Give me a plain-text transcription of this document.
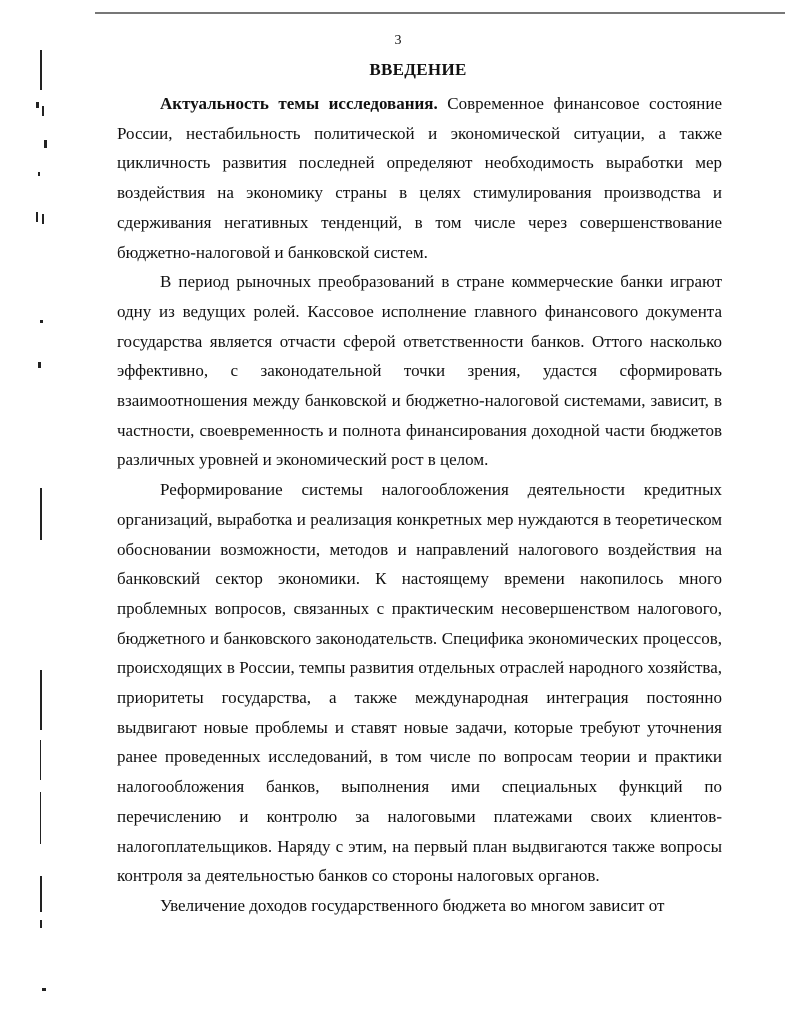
3
ВВЕДЕНИЕ

Актуальность темы исследования. Современное финансовое состояние России, нестабильность политической и экономической ситуации, а также цикличность развития последней определяют необходимость выработки мер воздействия на экономику страны в целях стимулирования производства и сдерживания негативных тенденций, в том числе через совершенствование бюджетно-налоговой и банковской систем.

В период рыночных преобразований в стране коммерческие банки играют одну из ведущих ролей. Кассовое исполнение главного финансового документа государства является отчасти сферой ответственности банков. Оттого насколько эффективно, с законодательной точки зрения, удастся сформировать взаимоотношения между банковской и бюджетно-налоговой системами, зависит, в частности, своевременность и полнота финансирования доходной части бюджетов различных уровней и экономический рост в целом.

Реформирование системы налогообложения деятельности кредитных организаций, выработка и реализация конкретных мер нуждаются в теоретическом обосновании возможности, методов и направлений налогового воздействия на банковский сектор экономики. К настоящему времени накопилось много проблемных вопросов, связанных с практическим несовершенством налогового, бюджетного и банковского законодательств. Специфика экономических процессов, происходящих в России, темпы развития отдельных отраслей народного хозяйства, приоритеты государства, а также международная интеграция постоянно выдвигают новые проблемы и ставят новые задачи, которые требуют уточнения ранее проведенных исследований, в том числе по вопросам теории и практики налогообложения банков, выполнения ими специальных функций по перечислению и контролю за налоговыми платежами своих клиентов-налогоплательщиков. Наряду с этим, на первый план выдвигаются также вопросы контроля за деятельностью банков со стороны налоговых органов.

Увеличение доходов государственного бюджета во многом зависит от
